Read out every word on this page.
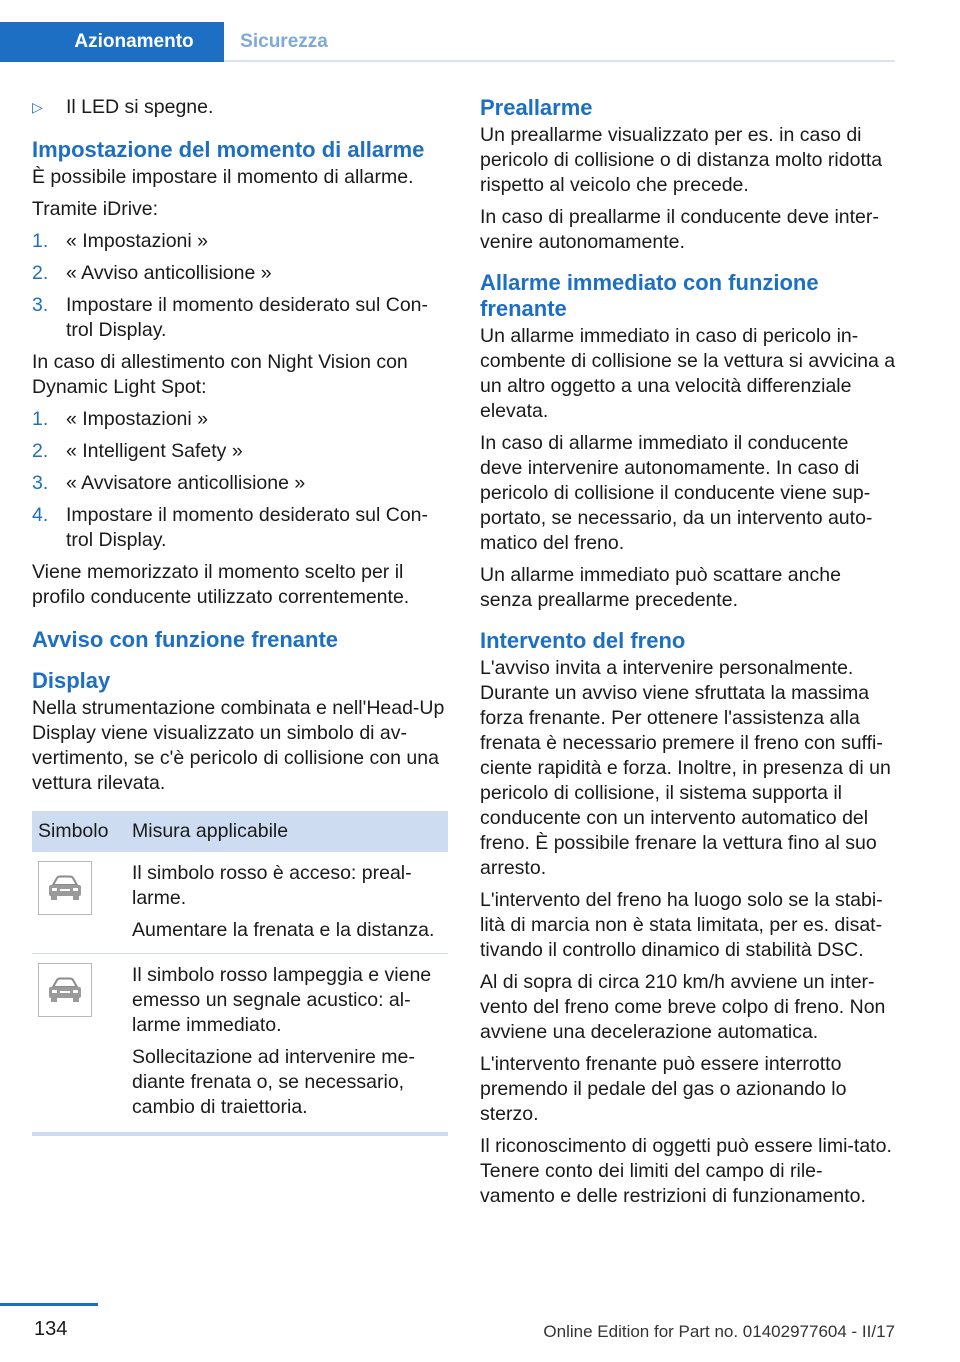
Azionamento	Sicurezza
▷	Il LED si spegne.
Impostazione del momento di allarme

È possibile impostare il momento di allarme.

Tramite iDrive:

1. « Impostazioni »
2. « Avviso anticollisione »
3. Impostare il momento desiderato sul Con‐trol Display.

In caso di allestimento con Night Vision con Dynamic Light Spot:

1. « Impostazioni »
2. « Intelligent Safety »
3. « Avvisatore anticollisione »
4. Impostare il momento desiderato sul Con‐trol Display.

Viene memorizzato il momento scelto per il profilo conducente utilizzato correntemente.

Avviso con funzione frenante
Display

Nella strumentazione combinata e nell'Head-Up Display viene visualizzato un simbolo di av‐vertimento, se c'è pericolo di collisione con una vettura rilevata.

Simbolo	Misura applicabile

Il simbolo rosso è acceso: preal‐larme.

Aumentare la frenata e la distanza.

Il simbolo rosso lampeggia e viene emesso un segnale acustico: al‐larme immediato.

Sollecitazione ad intervenire me‐diante frenata o, se necessario, cambio di traiettoria.

Preallarme

Un preallarme visualizzato per es. in caso di pericolo di collisione o di distanza molto ridotta rispetto al veicolo che precede.

In caso di preallarme il conducente deve inter‐venire autonomamente.

Allarme immediato con funzione frenante

Un allarme immediato in caso di pericolo in‐combente di collisione se la vettura si avvicina a un altro oggetto a una velocità differenziale elevata.

In caso di allarme immediato il conducente deve intervenire autonomamente. In caso di pericolo di collisione il conducente viene sup‐portato, se necessario, da un intervento auto‐matico del freno.

Un allarme immediato può scattare anche senza preallarme precedente.

Intervento del freno

L'avviso invita a intervenire personalmente. Durante un avviso viene sfruttata la massima forza frenante. Per ottenere l'assistenza alla frenata è necessario premere il freno con suffi‐ciente rapidità e forza. Inoltre, in presenza di un pericolo di collisione, il sistema supporta il conducente con un intervento automatico del freno. È possibile frenare la vettura fino al suo arresto.

L'intervento del freno ha luogo solo se la stabi‐lità di marcia non è stata limitata, per es. disat‐tivando il controllo dinamico di stabilità DSC.

Al di sopra di circa 210 km/h avviene un inter‐vento del freno come breve colpo di freno. Non avviene una decelerazione automatica.

L'intervento frenante può essere interrotto premendo il pedale del gas o azionando lo sterzo.

Il riconoscimento di oggetti può essere limi‐tato. Tenere conto dei limiti del campo di rile‐vamento e delle restrizioni di funzionamento.

134	Online Edition for Part no. 01402977604 - II/17
